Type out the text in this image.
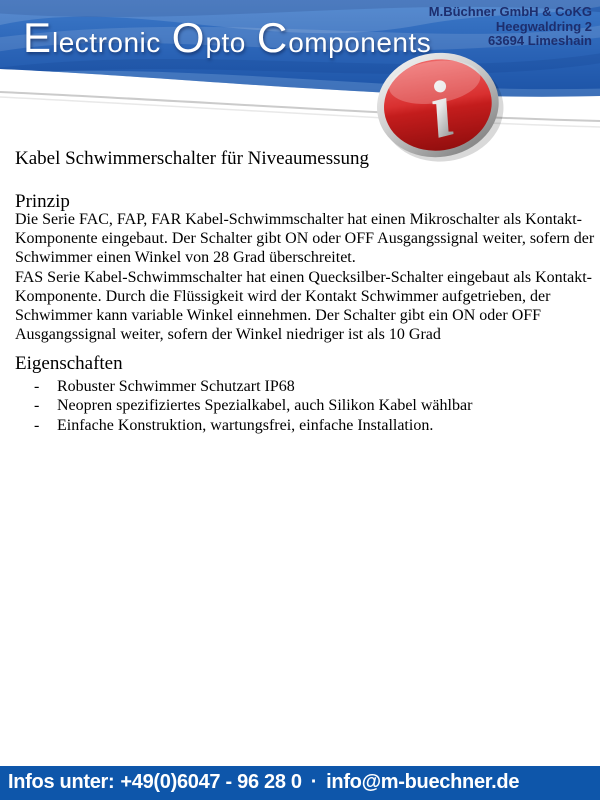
Electronic Opto Components
M.Büchner GmbH & CoKG
Heegwaldring 2
63694 Limeshain
i
Kabel Schwimmerschalter für Niveaumessung
Prinzip
Die Serie FAC, FAP, FAR Kabel-Schwimmschalter hat einen Mikroschalter als Kontakt-
Komponente eingebaut. Der Schalter gibt ON oder OFF Ausgangssignal weiter, sofern der
Schwimmer einen Winkel von 28 Grad überschreitet.
FAS Serie Kabel-Schwimmschalter hat einen Quecksilber-Schalter eingebaut als Kontakt-
Komponente. Durch die Flüssigkeit wird der Kontakt Schwimmer aufgetrieben, der
Schwimmer kann variable Winkel einnehmen. Der Schalter gibt ein ON oder OFF
Ausgangssignal weiter, sofern der Winkel niedriger ist als 10 Grad
Eigenschaften
- Robuster Schwimmer Schutzart IP68
- Neopren spezifiziertes Spezialkabel, auch Silikon Kabel wählbar
- Einfache Konstruktion, wartungsfrei, einfache Installation.
Infos unter: +49(0)6047 - 96 28 0 · info@m-buechner.de
